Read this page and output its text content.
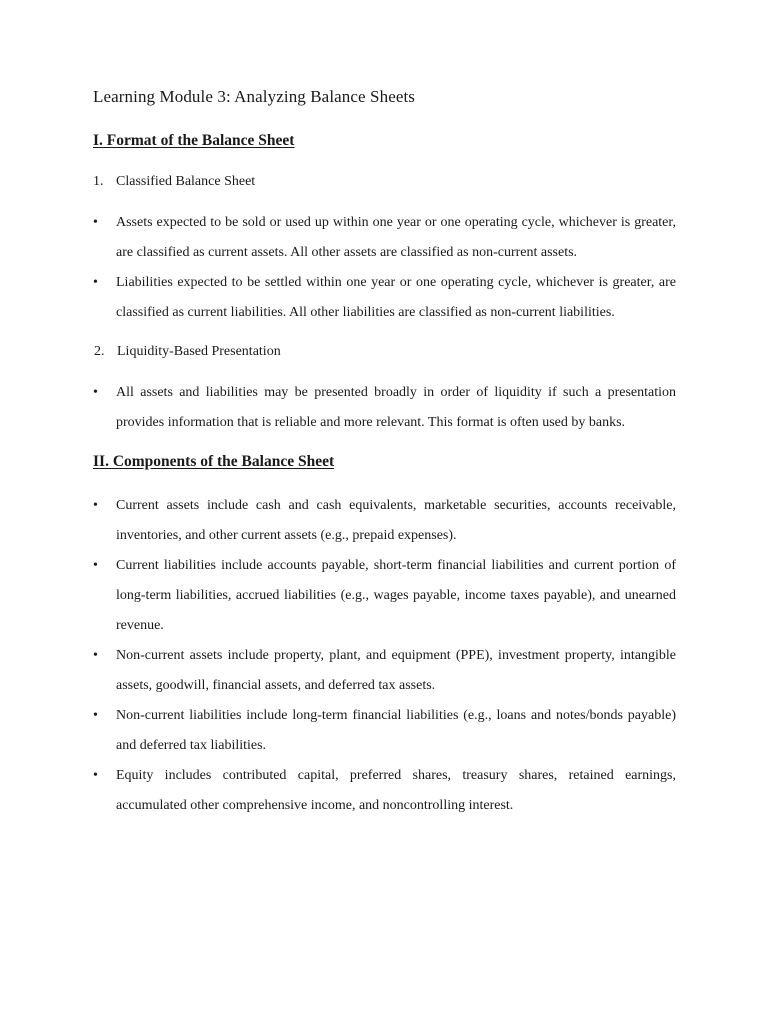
Learning Module 3: Analyzing Balance Sheets
I. Format of the Balance Sheet

1. Classified Balance Sheet

•	Assets expected to be sold or used up within one year or one operating cycle, whichever is greater, are classified as current assets. All other assets are classified as non-current assets.
•	Liabilities expected to be settled within one year or one operating cycle, whichever is greater, are classified as current liabilities. All other liabilities are classified as non-current liabilities.

2. Liquidity-Based Presentation

•	All assets and liabilities may be presented broadly in order of liquidity if such a presentation provides information that is reliable and more relevant. This format is often used by banks.
II. Components of the Balance Sheet
•	Current assets include cash and cash equivalents, marketable securities, accounts receivable, inventories, and other current assets (e.g., prepaid expenses).
•	Current liabilities include accounts payable, short-term financial liabilities and current portion of long-term liabilities, accrued liabilities (e.g., wages payable, income taxes payable), and unearned revenue.
•	Non-current assets include property, plant, and equipment (PPE), investment property, intangible assets, goodwill, financial assets, and deferred tax assets.
•	Non-current liabilities include long-term financial liabilities (e.g., loans and notes/bonds payable) and deferred tax liabilities.
•	Equity includes contributed capital, preferred shares, treasury shares, retained earnings, accumulated other comprehensive income, and noncontrolling interest.
